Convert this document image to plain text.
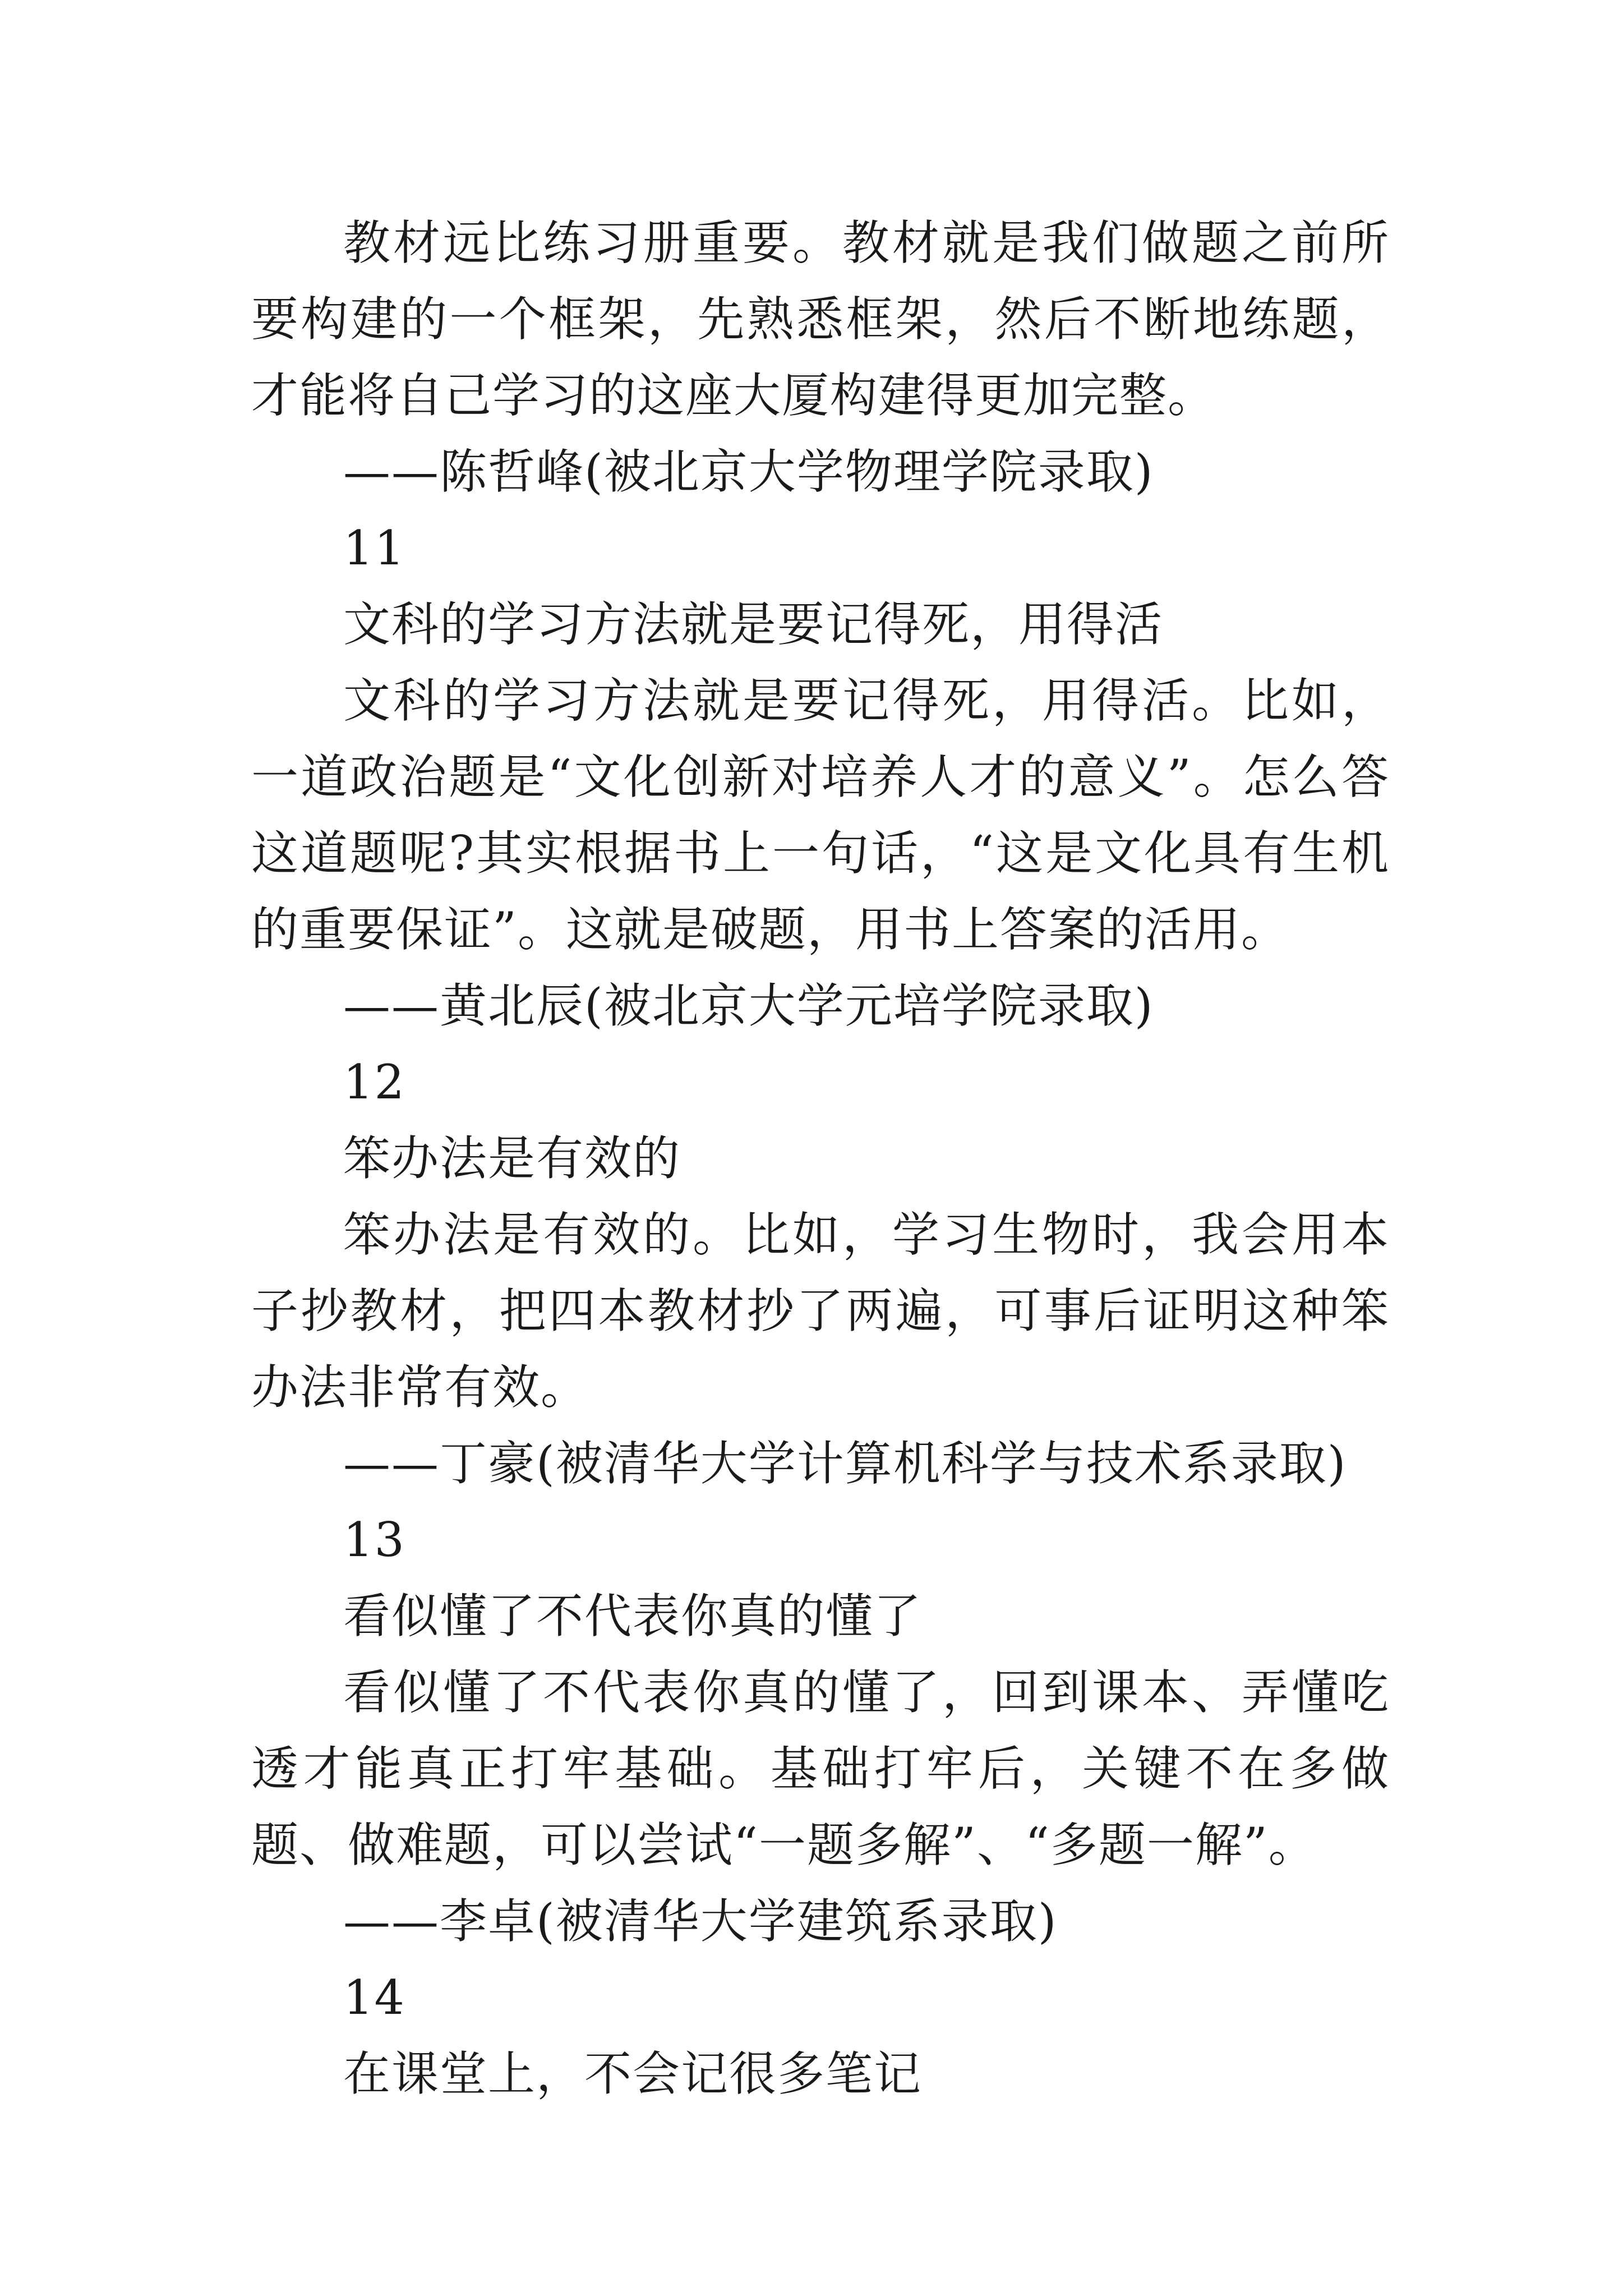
教材远比练习册重要。教材就是我们做题之前所要构建的一个框架，先熟悉框架，然后不断地练题，才能将自己学习的这座大厦构建得更加完整。

——陈哲峰(被北京大学物理学院录取)

11

文科的学习方法就是要记得死，用得活

文科的学习方法就是要记得死，用得活。比如，一道政治题是“文化创新对培养人才的意义”。怎么答这道题呢?其实根据书上一句话，“这是文化具有生机的重要保证”。这就是破题，用书上答案的活用。

——黄北辰(被北京大学元培学院录取)

12

笨办法是有效的

笨办法是有效的。比如，学习生物时，我会用本子抄教材，把四本教材抄了两遍，可事后证明这种笨办法非常有效。

——丁豪(被清华大学计算机科学与技术系录取)

13

看似懂了不代表你真的懂了

看似懂了不代表你真的懂了，回到课本、弄懂吃透才能真正打牢基础。基础打牢后，关键不在多做题、做难题，可以尝试“一题多解”、“多题一解”。

——李卓(被清华大学建筑系录取)

14

在课堂上，不会记很多笔记
